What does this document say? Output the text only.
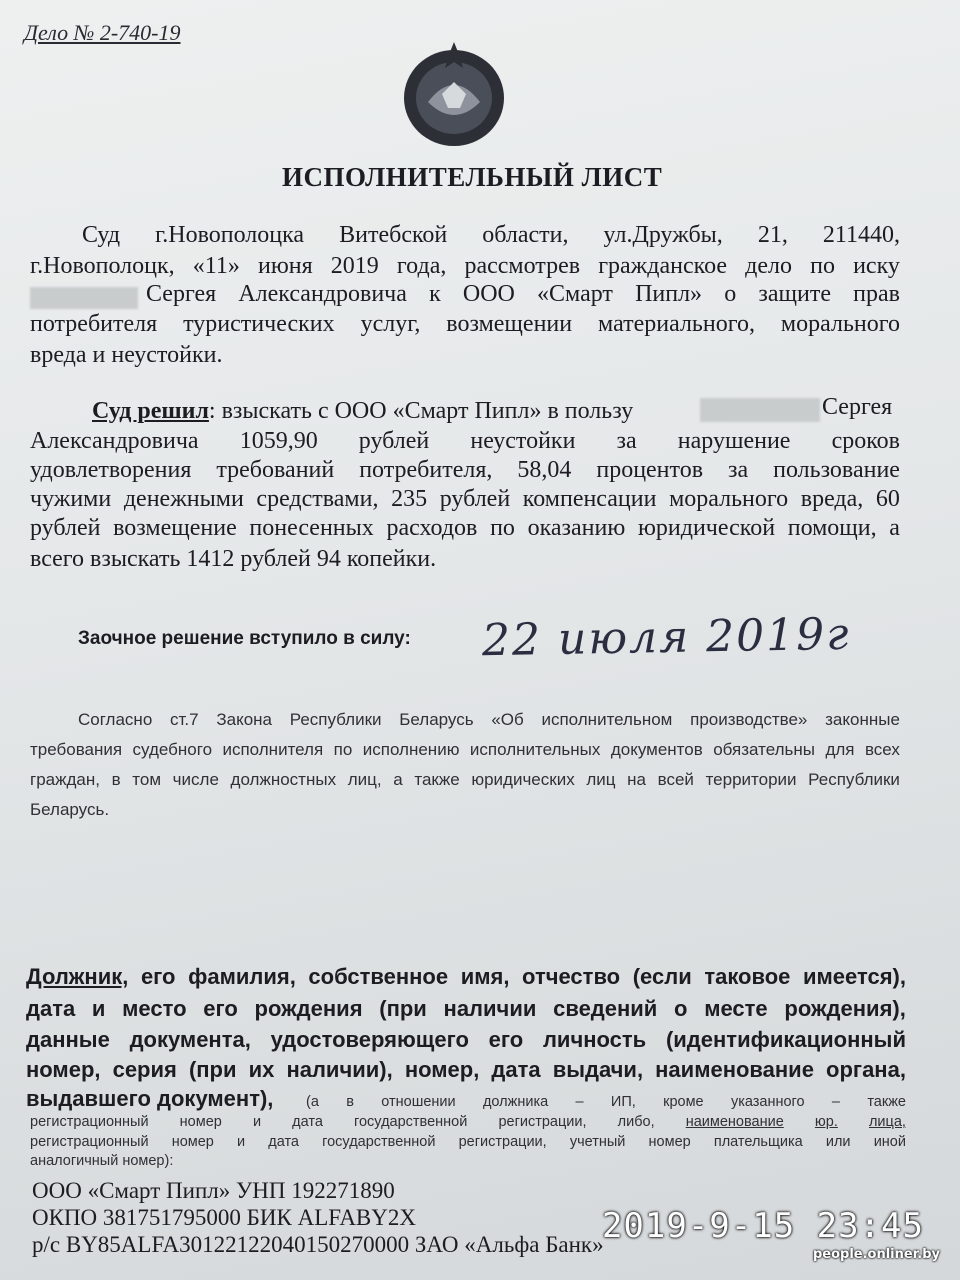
Дело № 2-740-19
ИСПОЛНИТЕЛЬНЫЙ ЛИСТ
Суд г.Новополоцка Витебской области, ул.Дружбы, 21, 211440,
г.Новополоцк, «11» июня 2019 года, рассмотрев гражданское дело по иску
Сергея Александровича к ООО «Смарт Пипл» о защите прав
потребителя туристических услуг, возмещении материального, морального
вреда и неустойки.
Суд решил: взыскать с ООО «Смарт Пипл» в пользу	Сергея
Александровича 1059,90 рублей неустойки за нарушение сроков
удовлетворения требований потребителя, 58,04 процентов за пользование
чужими денежными средствами, 235 рублей компенсации морального вреда, 60
рублей возмещение понесенных расходов по оказанию юридической помощи, а
всего взыскать 1412 рублей 94 копейки.
Заочное решение вступило в силу: 22 июля 2019г
Согласно ст.7 Закона Республики Беларусь «Об исполнительном производстве» законные
требования судебного исполнителя по исполнению исполнительных документов обязательны для всех
граждан, в том числе должностных лиц, а также юридических лиц на всей территории Республики
Беларусь.
Должник, его фамилия, собственное имя, отчество (если таковое имеется),
дата и место его рождения (при наличии сведений о месте рождения),
данные документа, удостоверяющего его личность (идентификационный
номер, серия (при их наличии), номер, дата выдачи, наименование органа,
выдавшего документ), (а в отношении должника – ИП, кроме указанного – также
регистрационный номер и дата государственной регистрации, либо, наименование юр. лица,
регистрационный номер и дата государственной регистрации, учетный номер плательщика или иной
аналогичный номер):
ООО «Смарт Пипл» УНП 192271890
ОКПО 381751795000 БИК ALFABY2X
р/с BY85ALFA30122122040150270000 ЗАО «Альфа Банк»
2019-9-15 23:45
people.onliner.by
